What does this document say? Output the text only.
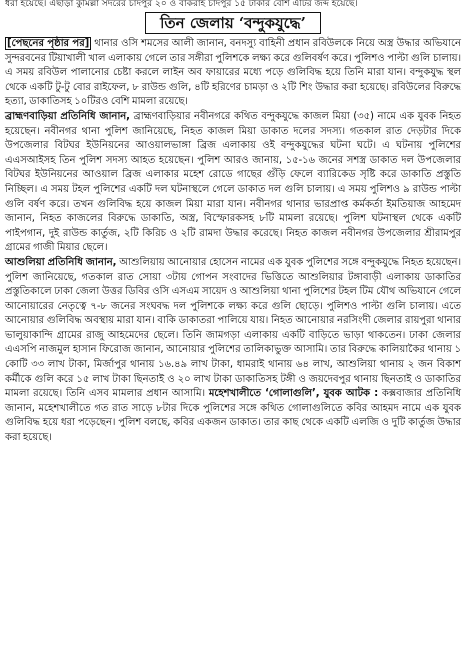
ধরা হয়েছে। এছাড়া কুমিল্লা সদরের চাঁদপুর ২০ ও বাকরাহ চাঁদপুর ১৫ টাকার বেশি এটির জব্দ হয়েছে।
তিন জেলায় ‘বন্দুকযুদ্ধে’

[পেছনের পৃষ্ঠার পর] থানার ওসি শমসের আলী জানান, বনদস্যু বাহিনী প্রধান রবিউলকে নিয়ে অস্ত্র উদ্ধার অভিযানে সুন্দরবনের টিয়াখালী খাল এলাকায় গেলে তার সঙ্গীরা পুলিশকে লক্ষ্য করে গুলিবর্ষণ করে। পুলিশও পাল্টা গুলি চালায়। এ সময় রবিউল পালানোর চেষ্টা করলে লাইন অব ফায়ারের মধ্যে পড়ে গুলিবিদ্ধ হয়ে তিনি মারা যান। বন্দুকযুদ্ধ স্থল থেকে একটি টু-টু বোর রাইফেল, ৮ রাউন্ড গুলি, ৪টি হরিণের চামড়া ও ২টি শিং উদ্ধার করা হয়েছে। রবিউলের বিরুদ্ধে হত্যা, ডাকাতিসহ ১০টিরও বেশি মামলা রয়েছে।

ব্রাহ্মণবাড়িয়া প্রতিনিধি জানান, ব্রাহ্মণবাড়িয়ার নবীনগরে কথিত বন্দুকযুদ্ধে কাজল মিয়া (৩৫) নামে এক যুবক নিহত হয়েছেন। নবীনগর থানা পুলিশ জানিয়েছে, নিহত কাজল মিয়া ডাকাত দলের সদস্য। গতকাল রাত দেড়টার দিকে উপজেলার বিটঘর ইউনিয়নের আওয়ালভাঙ্গা ব্রিজ এলাকায় ওই বন্দুকযুদ্ধের ঘটনা ঘটে। এ ঘটনায় পুলিশের এএসআইসহ তিন পুলিশ সদস্য আহত হয়েছেন। পুলিশ আরও জানায়, ১৫-১৬ জনের সশস্ত্র ডাকাত দল উপজেলার বিটঘর ইউনিয়নের আওয়াল ব্রিজ এলাকার মহেশ রোডে গাছের গুঁড়ি ফেলে ব্যারিকেড সৃষ্টি করে ডাকাতি প্রস্তুতি নিচ্ছিল। এ সময় টহল পুলিশের একটি দল ঘটনাস্থলে গেলে ডাকাত দল গুলি চালায়। এ সময় পুলিশও ৯ রাউন্ড পাল্টা গুলি বর্ষণ করে। তখন গুলিবিদ্ধ হয়ে কাজল মিয়া মারা যান। নবীনগর থানার ভারপ্রাপ্ত কর্মকর্তা ইমতিয়াজ আহমেদ জানান, নিহত কাজলের বিরুদ্ধে ডাকাতি, অস্ত্র, বিস্ফোরকসহ ৮টি মামলা রয়েছে। পুলিশ ঘটনাস্থল থেকে একটি পাইপগান, দুই রাউন্ড কার্তুজ, ২টি কিরিচ ও ২টি রামদা উদ্ধার করেছে। নিহত কাজল নবীনগর উপজেলার শ্রীরামপুর গ্রামের গাজী মিয়ার ছেলে।

আশুলিয়া প্রতিনিধি জানান, আশুলিয়ায় আনোয়ার হোসেন নামের এক যুবক পুলিশের সঙ্গে বন্দুকযুদ্ধে নিহত হয়েছেন। পুলিশ জানিয়েছে, গতকাল রাত সোয়া ৩টায় গোপন সংবাদের ভিত্তিতে আশুলিয়ার টঙ্গাবাড়ী এলাকায় ডাকাতির প্রস্তুতিকালে ঢাকা জেলা উত্তর ডিবির ওসি এসএম সায়েদ ও আশুলিয়া থানা পুলিশের টহল টিম যৌথ অভিযানে গেলে আনোয়ারের নেতৃত্বে ৭-৮ জনের সংঘবদ্ধ দল পুলিশকে লক্ষ্য করে গুলি ছোড়ে। পুলিশও পাল্টা গুলি চালায়। এতে আনোয়ার গুলিবিদ্ধ অবস্থায় মারা যান। বাকি ডাকাতরা পালিয়ে যায়। নিহত আনোয়ার নরসিংদী জেলার রায়পুরা থানার ভালুয়াকান্দি গ্রামের রাজু আহমেদের ছেলে। তিনি জামগড়া এলাকায় একটি বাড়িতে ভাড়া থাকতেন। ঢাকা জেলার এএসপি নাজমুল হাসান ফিরোজ জানান, আনোয়ার পুলিশের তালিকাভুক্ত আসামি। তার বিরুদ্ধে কালিয়াকৈর থানায় ১ কোটি ৩৩ লাখ টাকা, মির্জাপুর থানায় ১৬.৪৯ লাখ টাকা, ধামরাই থানায় ৬৪ লাখ, আশুলিয়া থানায় ২ জন বিকাশ কর্মীকে গুলি করে ১৫ লাখ টাকা ছিনতাই ও ২০ লাখ টাকা ডাকাতিসহ টঙ্গী ও জয়দেবপুর থানায় ছিনতাই ও ডাকাতির মামলা রয়েছে। তিনি এসব মামলার প্রধান আসামি। মহেশখালীতে ‘গোলাগুলি’, যুবক আটক : কক্সবাজার প্রতিনিধি জানান, মহেশখালীতে গত রাত সাড়ে ৮টার দিকে পুলিশের সঙ্গে কথিত গোলাগুলিতে কবির আহমদ নামে এক যুবক গুলিবিদ্ধ হয়ে ধরা পড়েছেন। পুলিশ বলছে, কবির একজন ডাকাত। তার কাছ থেকে একটি এলজি ও দুটি কার্তুজ উদ্ধার করা হয়েছে।
